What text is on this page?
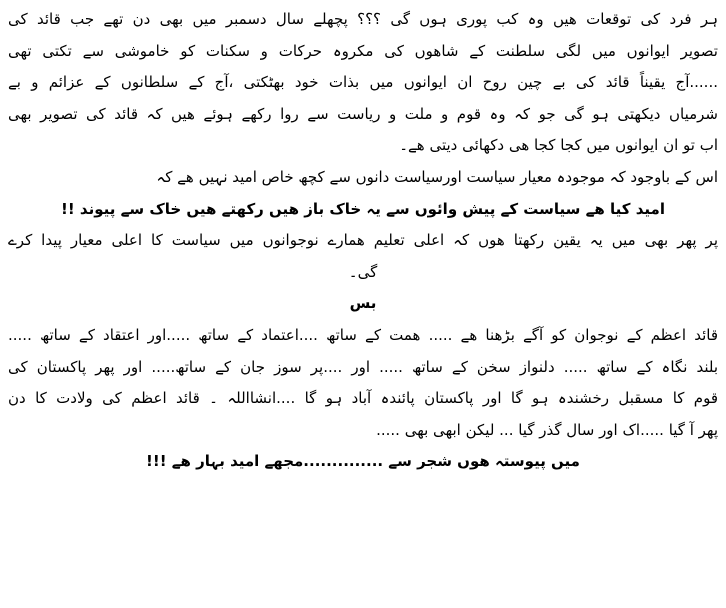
ہر فرد کی توقعات ھیں وہ کب پوری ہوں گی ؟؟؟ پچھلے سال دسمبر میں بھی دن تھے جب قائد کی
تصویر ایوانوں میں لگی سلطنت کے شاھوں کی مکروہ حرکات و سکنات کو خاموشی سے تکتی تھی
......آج یقیناً قائد کی بے چین روح ان ایوانوں میں بذات خود بھٹکتی ،آج کے سلطانوں کے عزائم و بے
شرمیاں دیکھتی ہو گی جو کہ وہ قوم و ملت و ریاست سے روا رکھے ہوئے ھیں کہ قائد کی تصویر بھی
اب تو ان ایوانوں میں کجا کجا ھی دکھائی دیتی ھے۔
اس کے باوجود کہ موجودہ معیار سیاست اورسیاست دانوں سے کچھ خاص امید نہیں ھے کہ
امید کیا ھے سیاست کے پیش وائوں سے یہ خاک باز ھیں رکھتے ھیں خاک سے پیوند !!
پر پھر بھی میں یہ یقین رکھتا ھوں کہ اعلی تعلیم ھمارے نوجوانوں میں سیاست کا اعلی معیار پیدا کرے
گی۔
بس
قائد اعظم کے نوجوان کو آگے بڑھنا ھے ..... ھمت کے ساتھ ....اعتماد کے ساتھ .....اور اعتقاد کے ساتھ .....
بلند نگاہ کے ساتھ ..... دلنواز سخن کے ساتھ ..... اور ....پر سوز جان کے ساتھ..... اور پھر پاکستان کی
قوم کا مسقبل رخشندہ ہو گا اور پاکستان پائندہ آباد ہو گا ....انشااللہ ۔ قائد اعظم کی ولادت کا دن
پھر آ گیا .....اک اور سال گذر گیا ... لیکن ابھی بھی .....
میں پیوستہ ھوں شجر سے ..............مجھے امید بہار ھے !!!
